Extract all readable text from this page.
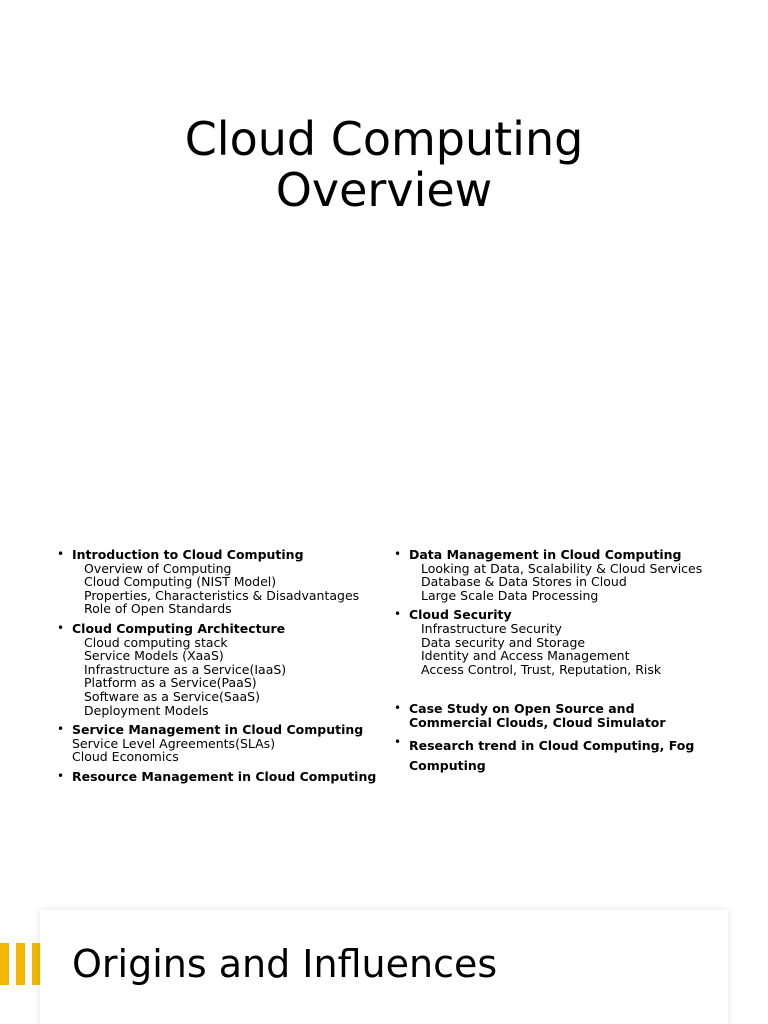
Cloud Computing
Overview
• Introduction to Cloud Computing
Overview of Computing
Cloud Computing (NIST Model)
Properties, Characteristics & Disadvantages
Role of Open Standards
• Cloud Computing Architecture
Cloud computing stack
Service Models (XaaS)
Infrastructure as a Service(IaaS)
Platform as a Service(PaaS)
Software as a Service(SaaS)
Deployment Models
• Service Management in Cloud Computing
Service Level Agreements(SLAs)
Cloud Economics
• Resource Management in Cloud Computing
• Data Management in Cloud Computing
Looking at Data, Scalability & Cloud Services
Database & Data Stores in Cloud
Large Scale Data Processing
• Cloud Security
Infrastructure Security
Data security and Storage
Identity and Access Management
Access Control, Trust, Reputation, Risk
• Case Study on Open Source and Commercial Clouds, Cloud Simulator
• Research trend in Cloud Computing, Fog Computing
Origins and Influences
